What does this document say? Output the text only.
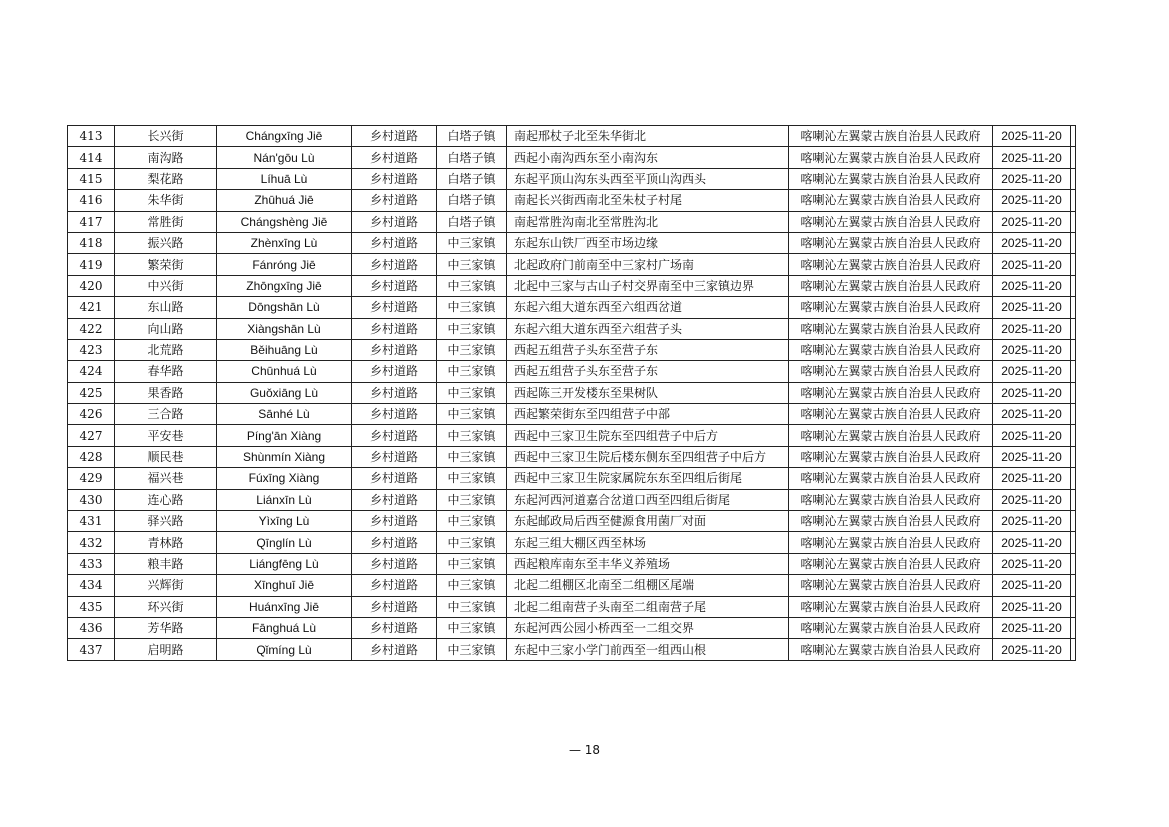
413	长兴街	Chángxīng Jiē	乡村道路	白塔子镇	南起邢杖子北至朱华街北	喀喇沁左翼蒙古族自治县人民政府	2025-11-20	
414	南沟路	Nán'gōu Lù	乡村道路	白塔子镇	西起小南沟西东至小南沟东	喀喇沁左翼蒙古族自治县人民政府	2025-11-20	
415	梨花路	Líhuā Lù	乡村道路	白塔子镇	东起平顶山沟东头西至平顶山沟西头	喀喇沁左翼蒙古族自治县人民政府	2025-11-20	
416	朱华街	Zhūhuá Jiē	乡村道路	白塔子镇	南起长兴街西南北至朱杖子村尾	喀喇沁左翼蒙古族自治县人民政府	2025-11-20	
417	常胜街	Chángshèng Jiē	乡村道路	白塔子镇	南起常胜沟南北至常胜沟北	喀喇沁左翼蒙古族自治县人民政府	2025-11-20	
418	振兴路	Zhènxīng Lù	乡村道路	中三家镇	东起东山铁厂西至市场边缘	喀喇沁左翼蒙古族自治县人民政府	2025-11-20	
419	繁荣街	Fánróng Jiē	乡村道路	中三家镇	北起政府门前南至中三家村广场南	喀喇沁左翼蒙古族自治县人民政府	2025-11-20	
420	中兴街	Zhōngxīng Jiē	乡村道路	中三家镇	北起中三家与古山子村交界南至中三家镇边界	喀喇沁左翼蒙古族自治县人民政府	2025-11-20	
421	东山路	Dōngshān Lù	乡村道路	中三家镇	东起六组大道东西至六组西岔道	喀喇沁左翼蒙古族自治县人民政府	2025-11-20	
422	向山路	Xiàngshān Lù	乡村道路	中三家镇	东起六组大道东西至六组营子头	喀喇沁左翼蒙古族自治县人民政府	2025-11-20	
423	北荒路	Běihuāng Lù	乡村道路	中三家镇	西起五组营子头东至营子东	喀喇沁左翼蒙古族自治县人民政府	2025-11-20	
424	春华路	Chūnhuá Lù	乡村道路	中三家镇	西起五组营子头东至营子东	喀喇沁左翼蒙古族自治县人民政府	2025-11-20	
425	果香路	Guǒxiāng Lù	乡村道路	中三家镇	西起陈三开发楼东至果树队	喀喇沁左翼蒙古族自治县人民政府	2025-11-20	
426	三合路	Sānhé Lù	乡村道路	中三家镇	西起繁荣街东至四组营子中部	喀喇沁左翼蒙古族自治县人民政府	2025-11-20	
427	平安巷	Píng'ān Xiàng	乡村道路	中三家镇	西起中三家卫生院东至四组营子中后方	喀喇沁左翼蒙古族自治县人民政府	2025-11-20	
428	顺民巷	Shùnmín Xiàng	乡村道路	中三家镇	西起中三家卫生院后楼东侧东至四组营子中后方	喀喇沁左翼蒙古族自治县人民政府	2025-11-20	
429	福兴巷	Fúxīng Xiàng	乡村道路	中三家镇	西起中三家卫生院家属院东东至四组后街尾	喀喇沁左翼蒙古族自治县人民政府	2025-11-20	
430	连心路	Liánxīn Lù	乡村道路	中三家镇	东起河西河道嘉合岔道口西至四组后街尾	喀喇沁左翼蒙古族自治县人民政府	2025-11-20	
431	驿兴路	Yìxīng Lù	乡村道路	中三家镇	东起邮政局后西至健源食用菌厂对面	喀喇沁左翼蒙古族自治县人民政府	2025-11-20	
432	青林路	Qīnglín Lù	乡村道路	中三家镇	东起三组大棚区西至林场	喀喇沁左翼蒙古族自治县人民政府	2025-11-20	
433	粮丰路	Liángfēng Lù	乡村道路	中三家镇	西起粮库南东至丰华义养殖场	喀喇沁左翼蒙古族自治县人民政府	2025-11-20	
434	兴辉街	Xīnghuī Jiē	乡村道路	中三家镇	北起二组棚区北南至二组棚区尾端	喀喇沁左翼蒙古族自治县人民政府	2025-11-20	
435	环兴街	Huánxīng Jiē	乡村道路	中三家镇	北起二组南营子头南至二组南营子尾	喀喇沁左翼蒙古族自治县人民政府	2025-11-20	
436	芳华路	Fānghuá Lù	乡村道路	中三家镇	东起河西公园小桥西至一二组交界	喀喇沁左翼蒙古族自治县人民政府	2025-11-20	
437	启明路	Qǐmíng Lù	乡村道路	中三家镇	东起中三家小学门前西至一组西山根	喀喇沁左翼蒙古族自治县人民政府	2025-11-20	
— 18
